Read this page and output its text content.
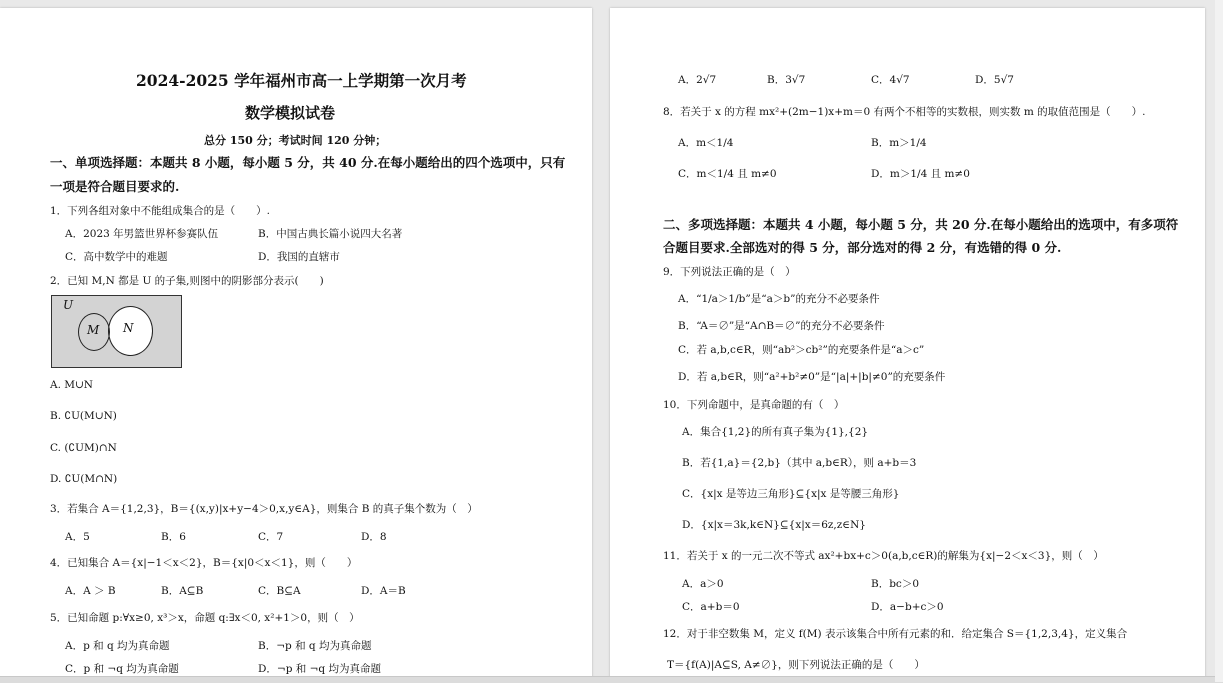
2024-2025 学年福州市高一上学期第一次月考
数学模拟试卷
总分 150 分；考试时间 120 分钟；
一、单项选择题：本题共 8 小题，每小题 5 分，共 40 分.在每小题给出的四个选项中，只有
一项是符合题目要求的.
1．下列各组对象中不能组成集合的是（　　）.
A．2023 年男篮世界杯参赛队伍	B．中国古典长篇小说四大名著
C．高中数学中的难题	D．我国的直辖市
2．已知 M,N 都是 U 的子集,则图中的阴影部分表示(　　)
U
M N
A. M∪N
B. ∁U(M∪N)
C. (∁UM)∩N
D. ∁U(M∩N)
3．若集合 A＝{1,2,3}，B＝{(x,y)|x+y−4＞0,x,y∈A}，则集合 B 的真子集个数为（　）
A．5	B．6	C．7	D．8
4．已知集合 A＝{x|−1＜x＜2}，B＝{x|0＜x＜1}，则（　　）
A．A ＞ B	B．A⊆B	C．B⊆A	D．A＝B
5．已知命题 p:∀x≥0, x³＞x，命题 q:∃x＜0, x²+1＞0，则（　）
A．p 和 q 均为真命题	B．¬p 和 q 均为真命题
C．p 和 ¬q 均为真命题	D．¬p 和 ¬q 均为真命题
A．2√7	B．3√7	C．4√7	D．5√7
8．若关于 x 的方程 mx²+(2m−1)x+m＝0 有两个不相等的实数根，则实数 m 的取值范围是（　　）.
A．m＜1/4	B．m＞1/4
C．m＜1/4 且 m≠0	D．m＞1/4 且 m≠0
二、多项选择题：本题共 4 小题，每小题 5 分，共 20 分.在每小题给出的选项中，有多项符
合题目要求.全部选对的得 5 分，部分选对的得 2 分，有选错的得 0 分.
9．下列说法正确的是（　）
A．“1/a＞1/b”是“a＞b”的充分不必要条件
B．“A＝∅”是“A∩B＝∅”的充分不必要条件
C．若 a,b,c∈R，则“ab²＞cb²”的充要条件是“a＞c”
D．若 a,b∈R，则“a²+b²≠0”是“|a|+|b|≠0”的充要条件
10．下列命题中，是真命题的有（　）
A．集合{1,2}的所有真子集为{1},{2}
B．若{1,a}＝{2,b}（其中 a,b∈R），则 a+b＝3
C．{x|x 是等边三角形}⊆{x|x 是等腰三角形}
D．{x|x＝3k,k∈N}⊆{x|x＝6z,z∈N}
11．若关于 x 的一元二次不等式 ax²+bx+c＞0(a,b,c∈R)的解集为{x|−2＜x＜3}，则（　）
A．a＞0	B．bc＞0
C．a+b＝0	D．a−b+c＞0
12．对于非空数集 M，定义 f(M) 表示该集合中所有元素的和．给定集合 S＝{1,2,3,4}，定义集合
T＝{f(A)|A⊆S, A≠∅}，则下列说法正确的是（　　）
